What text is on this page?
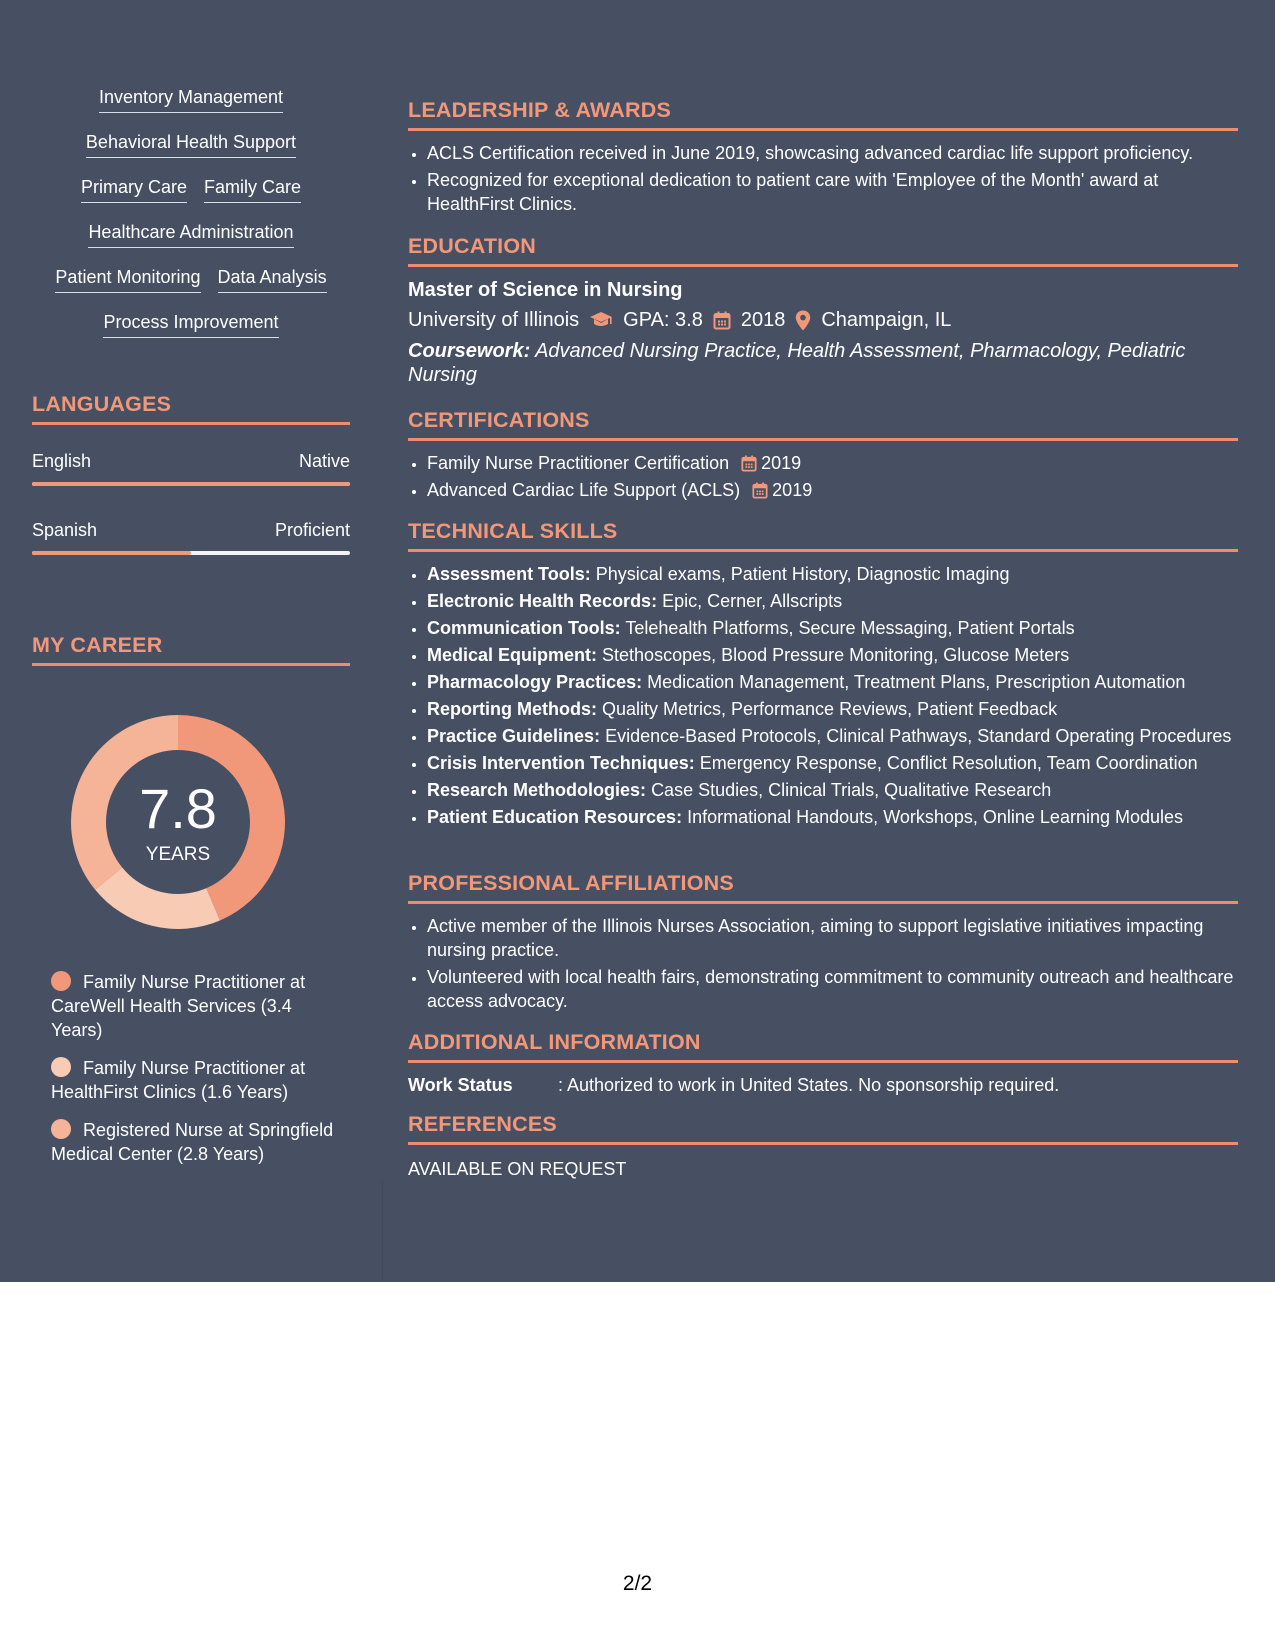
Inventory Management
Behavioral Health Support
Primary Care Family Care
Healthcare Administration
Patient Monitoring Data Analysis
Process Improvement
LANGUAGES
English	Native
Spanish	Proficient
MY CAREER
7.8
YEARS
Family Nurse Practitioner at CareWell Health Services (3.4 Years)
Family Nurse Practitioner at HealthFirst Clinics (1.6 Years)
Registered Nurse at Springfield Medical Center (2.8 Years)
LEADERSHIP & AWARDS
• ACLS Certification received in June 2019, showcasing advanced cardiac life support proficiency.
• Recognized for exceptional dedication to patient care with 'Employee of the Month' award at HealthFirst Clinics.
EDUCATION
Master of Science in Nursing
University of Illinois GPA: 3.8 2018 Champaign, IL
Coursework: Advanced Nursing Practice, Health Assessment, Pharmacology, Pediatric Nursing
CERTIFICATIONS
• Family Nurse Practitioner Certification 2019
• Advanced Cardiac Life Support (ACLS) 2019
TECHNICAL SKILLS
• Assessment Tools: Physical exams, Patient History, Diagnostic Imaging
• Electronic Health Records: Epic, Cerner, Allscripts
• Communication Tools: Telehealth Platforms, Secure Messaging, Patient Portals
• Medical Equipment: Stethoscopes, Blood Pressure Monitoring, Glucose Meters
• Pharmacology Practices: Medication Management, Treatment Plans, Prescription Automation
• Reporting Methods: Quality Metrics, Performance Reviews, Patient Feedback
• Practice Guidelines: Evidence-Based Protocols, Clinical Pathways, Standard Operating Procedures
• Crisis Intervention Techniques: Emergency Response, Conflict Resolution, Team Coordination
• Research Methodologies: Case Studies, Clinical Trials, Qualitative Research
• Patient Education Resources: Informational Handouts, Workshops, Online Learning Modules
PROFESSIONAL AFFILIATIONS
• Active member of the Illinois Nurses Association, aiming to support legislative initiatives impacting nursing practice.
• Volunteered with local health fairs, demonstrating commitment to community outreach and healthcare access advocacy.
ADDITIONAL INFORMATION
Work Status	: Authorized to work in United States. No sponsorship required.
REFERENCES
AVAILABLE ON REQUEST
2/2
